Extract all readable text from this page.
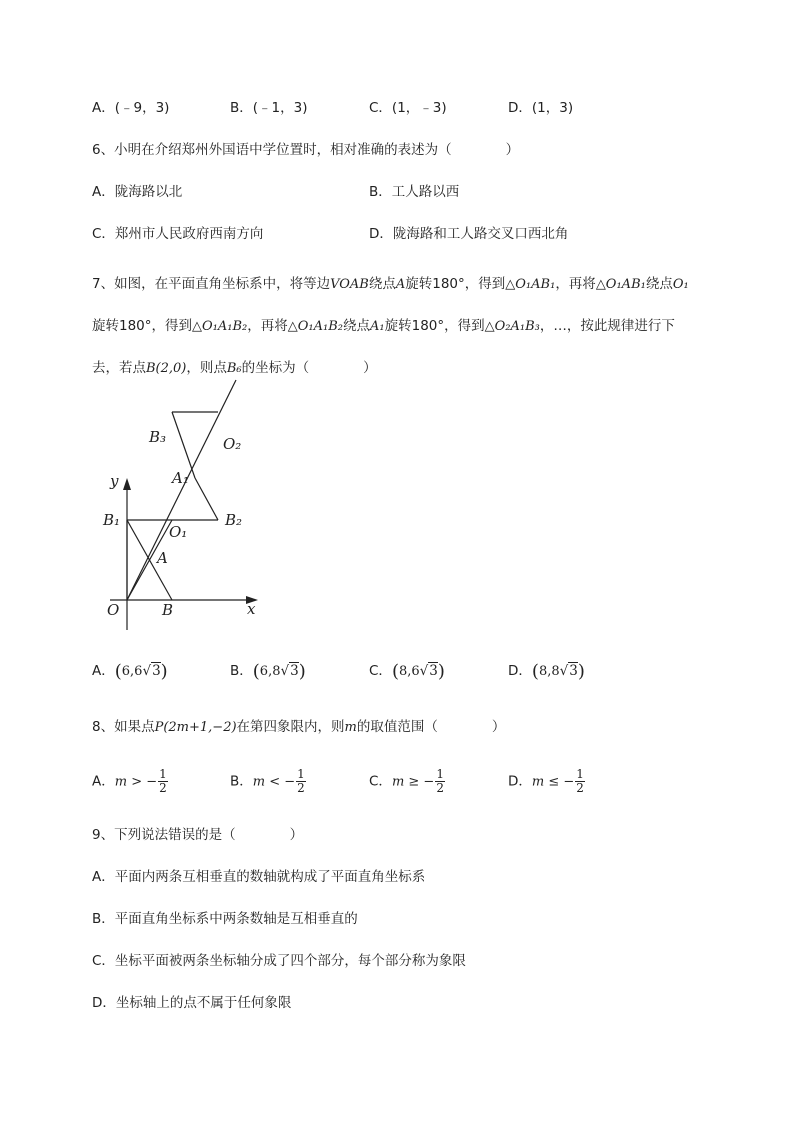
A．(﹣9，3)	B．(﹣1，3)	C．(1，﹣3)	D．(1，3)
6、小明在介绍郑州外国语中学位置时，相对准确的表述为（　　　　）
A．陇海路以北	B．工人路以西
C．郑州市人民政府西南方向	D．陇海路和工人路交叉口西北角
7、如图，在平面直角坐标系中，将等边VOAB绕点A旋转180°，得到△O₁AB₁，再将△O₁AB₁绕点O₁
旋转180°，得到△O₁A₁B₂，再将△O₁A₁B₂绕点A₁旋转180°，得到△O₂A₁B₃，…，按此规律进行下
去，若点B(2,0)，则点B₆的坐标为（　　　　）
y
x
O	B
A
B₁
O₁
B₂
A₁
B₃	O₂
A．(6,6√3)	B．(6,8√3)	C．(8,6√3)	D．(8,8√3)
8、如果点P(2m+1,−2)在第四象限内，则m的取值范围（　　　　）
A．m > − $\frac{1}{2}$	B．m < − $\frac{1}{2}$	C．m ≥ − $\frac{1}{2}$	D．m ≤ − $\frac{1}{2}$
9、下列说法错误的是（　　　　）
A．平面内两条互相垂直的数轴就构成了平面直角坐标系
B．平面直角坐标系中两条数轴是互相垂直的
C．坐标平面被两条坐标轴分成了四个部分，每个部分称为象限
D．坐标轴上的点不属于任何象限
